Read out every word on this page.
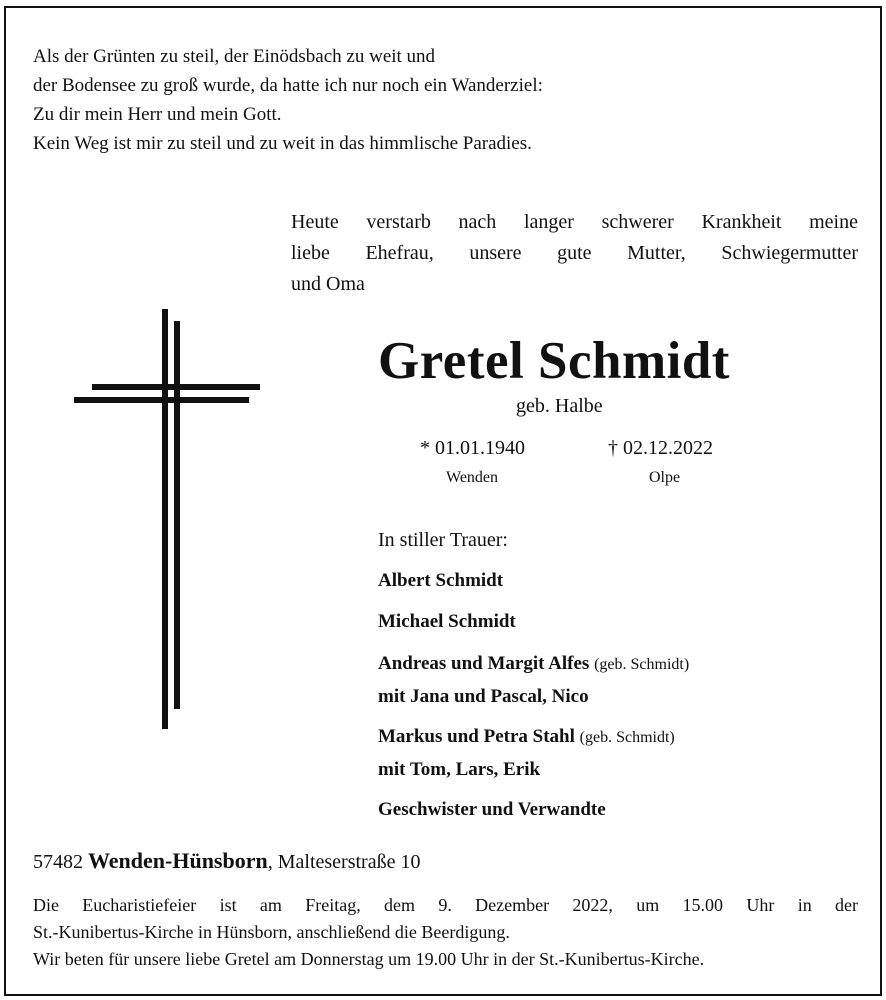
Als der Grünten zu steil, der Einödsbach zu weit und
der Bodensee zu groß wurde, da hatte ich nur noch ein Wanderziel:
Zu dir mein Herr und mein Gott.
Kein Weg ist mir zu steil und zu weit in das himmlische Paradies.
Heute verstarb nach langer schwerer Krankheit meine
liebe Ehefrau, unsere gute Mutter, Schwiegermutter
und Oma
Gretel Schmidt
geb. Halbe
* 01.01.1940	† 02.12.2022
Wenden	Olpe
In stiller Trauer:
Albert Schmidt
Michael Schmidt
Andreas und Margit Alfes (geb. Schmidt)
mit Jana und Pascal, Nico
Markus und Petra Stahl (geb. Schmidt)
mit Tom, Lars, Erik
Geschwister und Verwandte
57482 Wenden-Hünsborn, Malteserstraße 10
Die Eucharistiefeier ist am Freitag, dem 9. Dezember 2022, um 15.00 Uhr in der
St.-Kunibertus-Kirche in Hünsborn, anschließend die Beerdigung.
Wir beten für unsere liebe Gretel am Donnerstag um 19.00 Uhr in der St.-Kunibertus-Kirche.
